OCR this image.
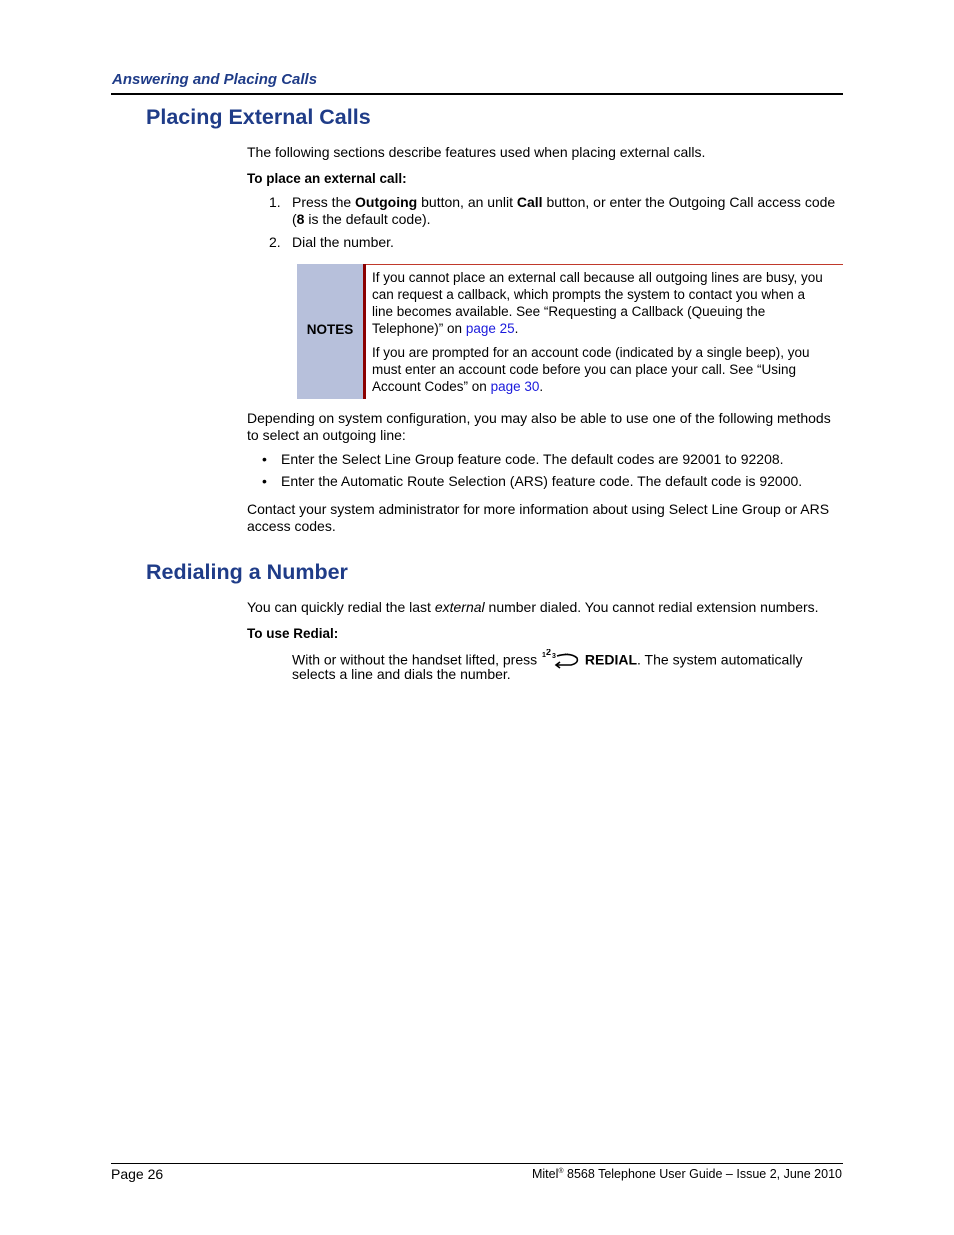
Answering and Placing Calls
Placing External Calls
The following sections describe features used when placing external calls.
To place an external call:
1. Press the Outgoing button, an unlit Call button, or enter the Outgoing Call access code
(8 is the default code).
2. Dial the number.
NOTES
If you cannot place an external call because all outgoing lines are busy, you
can request a callback, which prompts the system to contact you when a
line becomes available. See “Requesting a Callback (Queuing the
Telephone)” on page 25.
If you are prompted for an account code (indicated by a single beep), you
must enter an account code before you can place your call. See “Using
Account Codes” on page 30.
Depending on system configuration, you may also be able to use one of the following methods
to select an outgoing line:
• Enter the Select Line Group feature code. The default codes are 92001 to 92208.
• Enter the Automatic Route Selection (ARS) feature code. The default code is 92000.
Contact your system administrator for more information about using Select Line Group or ARS
access codes.
Redialing a Number
You can quickly redial the last external number dialed. You cannot redial extension numbers.
To use Redial:
With or without the handset lifted, press 1 2 3 REDIAL. The system automatically
selects a line and dials the number.
Page 26	Mitel® 8568 Telephone User Guide – Issue 2, June 2010
